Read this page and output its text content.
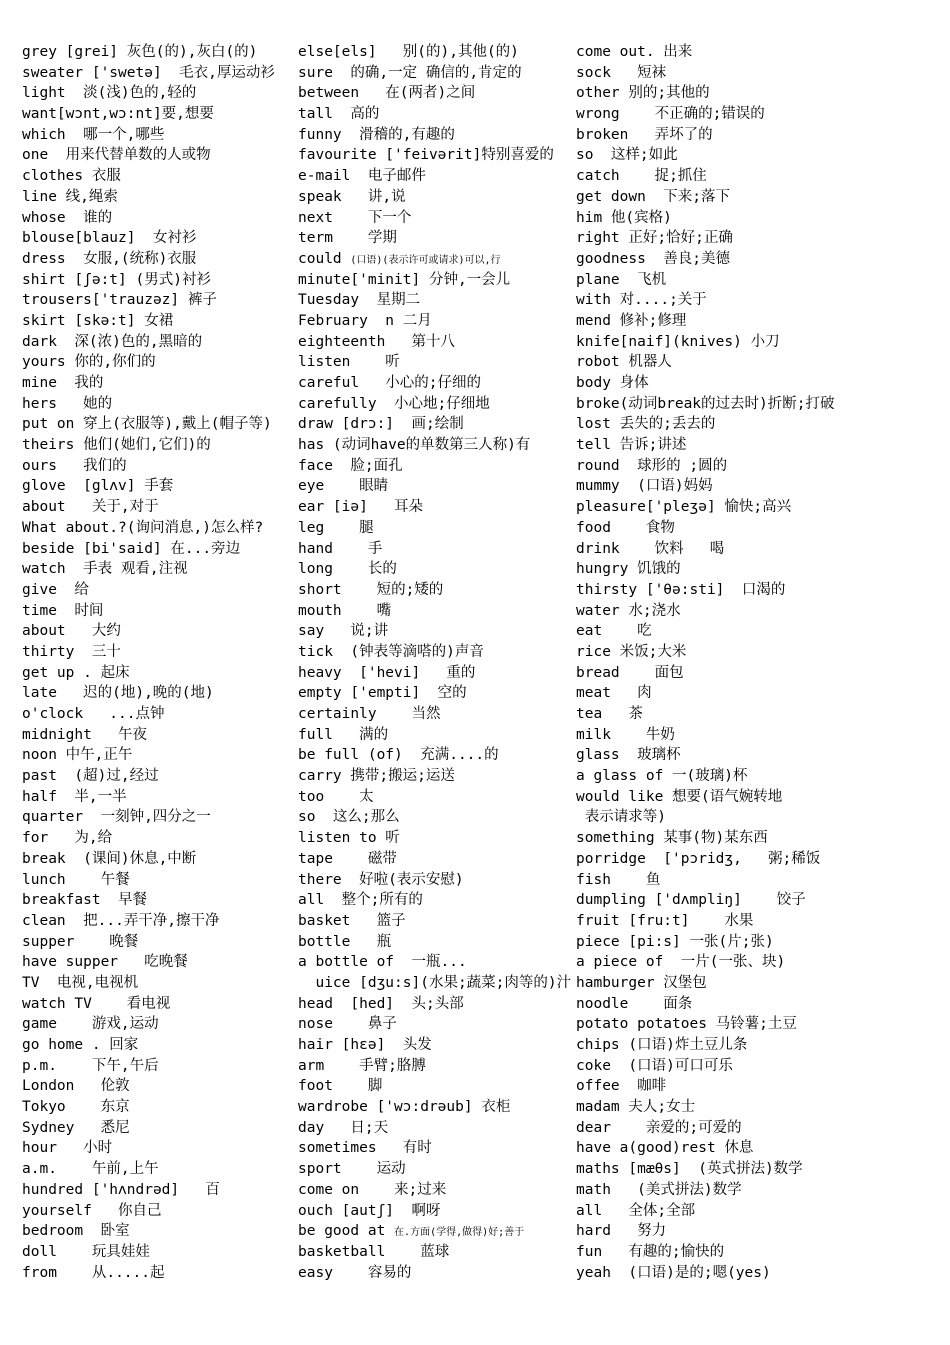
grey [grei] 灰色(的),灰白(的)
sweater ['swetə]  毛衣,厚运动衫
light  淡(浅)色的,轻的
want[wɔnt,wɔ:nt]要,想要
which  哪一个,哪些
one  用来代替单数的人或物
clothes 衣服
line 线,绳索
whose  谁的
blouse[blauz]  女衬衫
dress  女服,(统称)衣服
shirt [ʃə:t] (男式)衬衫
trousers['trauzəz] 裤子
skirt [skə:t] 女裙
dark  深(浓)色的,黑暗的
yours 你的,你们的
mine  我的
hers   她的
put on 穿上(衣服等),戴上(帽子等)
theirs 他们(她们,它们)的
ours   我们的
glove  [glʌv] 手套
about   关于,对于
What about.?(询问消息,)怎么样?
beside [bi'said] 在...旁边
watch  手表 观看,注视
give  给
time  时间
about   大约
thirty  三十
get up . 起床
late   迟的(地),晚的(地)
o'clock   ...点钟
midnight   午夜
noon 中午,正午
past  (超)过,经过
half  半,一半
quarter  一刻钟,四分之一
for   为,给
break  (课间)休息,中断
lunch    午餐
breakfast  早餐
clean  把...弄干净,擦干净
supper    晚餐
have supper   吃晚餐
TV  电视,电视机
watch TV    看电视
game    游戏,运动
go home . 回家
p.m.    下午,午后
London   伦敦
Tokyo    东京
Sydney   悉尼
hour   小时
a.m.    午前,上午
hundred ['hʌndrəd]   百
yourself   你自己
bedroom  卧室
doll    玩具娃娃
from    从.....起
else[els]   别(的),其他(的)
sure  的确,一定 确信的,肯定的
between   在(两者)之间
tall  高的
funny  滑稽的,有趣的
favourite ['feivərit]特别喜爱的
e-mail  电子邮件
speak   讲,说
next    下一个
term    学期
could (口语)(表示许可或请求)可以,行
minute['minit] 分钟,一会儿
Tuesday  星期二
February  n 二月
eighteenth   第十八
listen    听
careful   小心的;仔细的
carefully  小心地;仔细地
draw [drɔ:]  画;绘制
has (动词have的单数第三人称)有
face  脸;面孔
eye    眼睛
ear [iə]   耳朵
leg    腿
hand    手
long    长的
short    短的;矮的
mouth    嘴
say   说;讲
tick  (钟表等滴嗒的)声音
heavy  ['hevi]   重的
empty ['empti]  空的
certainly    当然
full   满的
be full (of)  充满....的
carry 携带;搬运;运送
too    太
so  这么;那么
listen to 听
tape    磁带
there  好啦(表示安慰)
all  整个;所有的
basket   篮子
bottle   瓶
a bottle of  一瓶...
uice [dʒu:s](水果;蔬菜;肉等的)汁
head  [hed]  头;头部
nose    鼻子
hair [hɛə]  头发
arm    手臂;胳膊
foot    脚
wardrobe ['wɔ:drəub] 衣柜
day   日;天
sometimes   有时
sport    运动
come on    来;过来
ouch [autʃ]  啊呀
be good at 在.方面(学得,做得)好;善于
basketball    蓝球
easy    容易的
come out. 出来
sock   短袜
other 别的;其他的
wrong    不正确的;错误的
broken   弄坏了的
so  这样;如此
catch    捉;抓住
get down  下来;落下
him 他(宾格)
right 正好;恰好;正确
goodness  善良;美德
plane  飞机
with 对....;关于
mend 修补;修理
knife[naif](knives) 小刀
robot 机器人
body 身体
broke(动词break的过去时)折断;打破
lost 丢失的;丢去的
tell 告诉;讲述
round  球形的 ;圆的
mummy  (口语)妈妈
pleasure['pleʒə] 愉快;高兴
food    食物
drink    饮料   喝
hungry 饥饿的
thirsty ['θə:sti]  口渴的
water 水;浇水
eat    吃
rice 米饭;大米
bread    面包
meat   肉
tea   茶
milk    牛奶
glass  玻璃杯
a glass of 一(玻璃)杯
would like 想要(语气婉转地
表示请求等)
something 某事(物)某东西
porridge  ['pɔridʒ,   粥;稀饭
fish    鱼
dumpling ['dʌmpliŋ]    饺子
fruit [fru:t]    水果
piece [pi:s] 一张(片;张)
a piece of  一片(一张、块)
hamburger 汉堡包
noodle    面条
potato potatoes 马铃薯;土豆
chips (口语)炸土豆儿条
coke  (口语)可口可乐
offee  咖啡
madam 夫人;女士
dear    亲爱的;可爱的
have a(good)rest 休息
maths [mæθs]  (英式拼法)数学
math   (美式拼法)数学
all   全体;全部
hard   努力
fun   有趣的;愉快的
yeah  (口语)是的;嗯(yes)
